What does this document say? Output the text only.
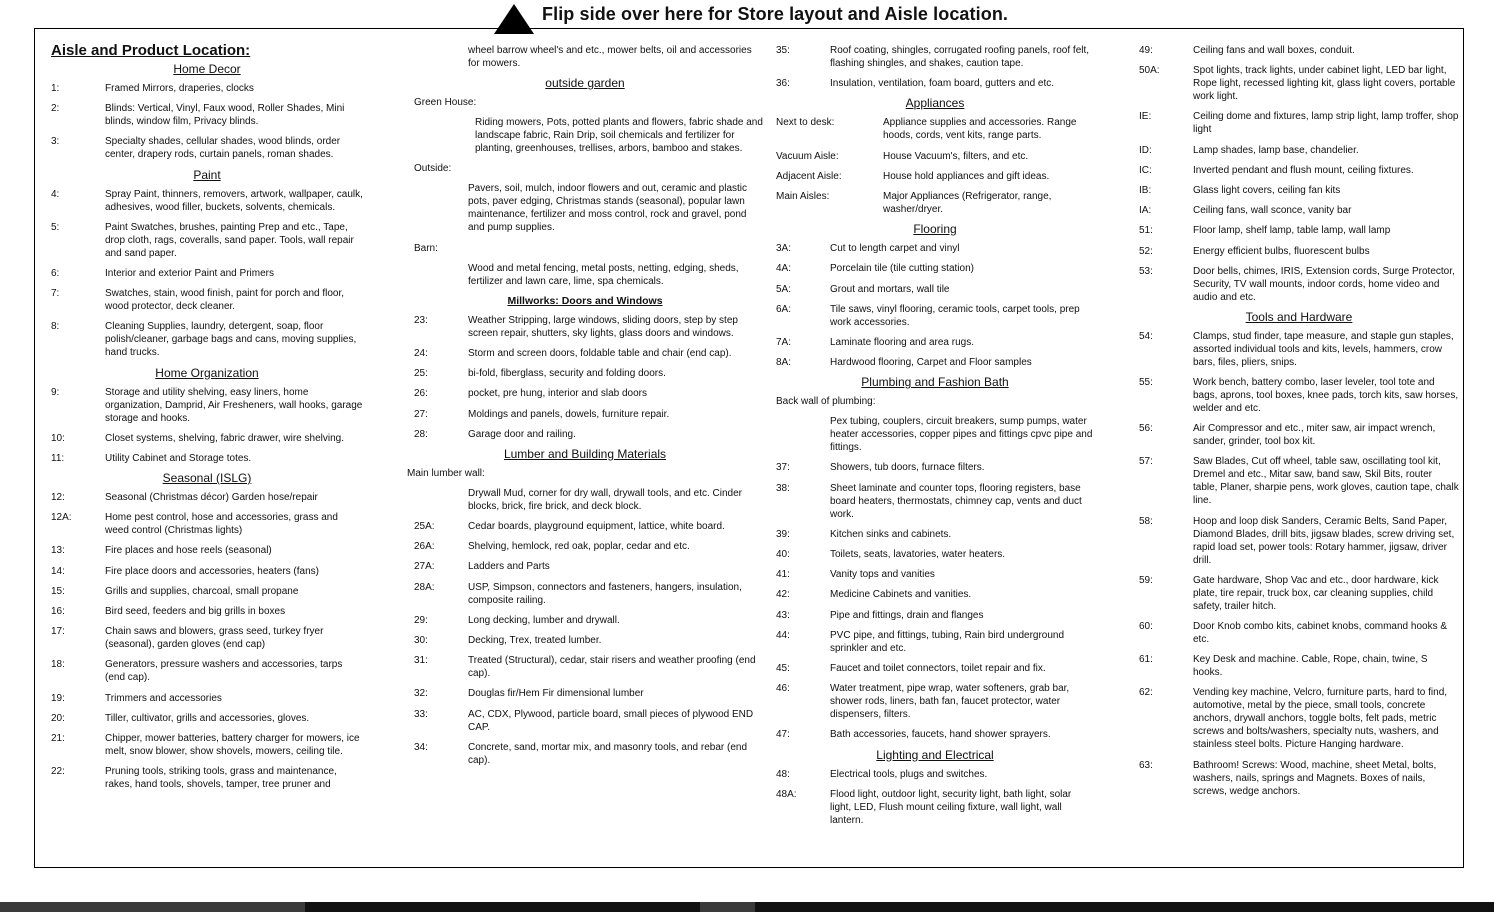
Flip side over here for Store layout and Aisle location.
Aisle and Product Location:
Home Decor
1:	Framed Mirrors, draperies, clocks
2:	Blinds: Vertical, Vinyl, Faux wood, Roller Shades, Mini blinds, window film, Privacy blinds.
3:	Specialty shades, cellular shades, wood blinds, order center, drapery rods, curtain panels, roman shades.
Paint
4:	Spray Paint, thinners, removers, artwork, wallpaper, caulk, adhesives, wood filler, buckets, solvents, chemicals.
5:	Paint Swatches, brushes, painting Prep and etc., Tape, drop cloth, rags, coveralls, sand paper. Tools, wall repair and sand paper.
6:	Interior and exterior Paint and Primers
7:	Swatches, stain, wood finish, paint for porch and floor, wood protector, deck cleaner.
8:	Cleaning Supplies, laundry, detergent, soap, floor polish/cleaner, garbage bags and cans, moving supplies, hand trucks.
Home Organization
9:	Storage and utility shelving, easy liners, home organization, Damprid, Air Fresheners, wall hooks, garage storage and hooks.
10:	Closet systems, shelving, fabric drawer, wire shelving.
11:	Utility Cabinet and Storage totes.
Seasonal (ISLG)
12:	Seasonal (Christmas décor) Garden hose/repair
12A:	Home pest control, hose and accessories, grass and weed control (Christmas lights)
13:	Fire places and hose reels (seasonal)
14:	Fire place doors and accessories, heaters (fans)
15:	Grills and supplies, charcoal, small propane
16:	Bird seed, feeders and big grills in boxes
17:	Chain saws and blowers, grass seed, turkey fryer (seasonal), garden gloves (end cap)
18:	Generators, pressure washers and accessories, tarps (end cap).
19:	Trimmers and accessories
20:	Tiller, cultivator, grills and accessories, gloves.
21:	Chipper, mower batteries, battery charger for mowers, ice melt, snow blower, show shovels, mowers, ceiling tile.
22:	Pruning tools, striking tools, grass and maintenance, rakes, hand tools, shovels, tamper, tree pruner and
wheel barrow wheel's and etc., mower belts, oil and accessories for mowers.
outside garden
Green House:
Riding mowers, Pots, potted plants and flowers, fabric shade and landscape fabric, Rain Drip, soil chemicals and fertilizer for planting, greenhouses, trellises, arbors, bamboo and stakes.
Outside:
Pavers, soil, mulch, indoor flowers and out, ceramic and plastic pots, paver edging, Christmas stands (seasonal), popular lawn maintenance, fertilizer and moss control, rock and gravel, pond and pump supplies.
Barn:
Wood and metal fencing, metal posts, netting, edging, sheds, fertilizer and lawn care, lime, spa chemicals.
Millworks: Doors and Windows
23:	Weather Stripping, large windows, sliding doors, step by step screen repair, shutters, sky lights, glass doors and windows.
24:	Storm and screen doors, foldable table and chair (end cap).
25:	bi-fold, fiberglass, security and folding doors.
26:	pocket, pre hung, interior and slab doors
27:	Moldings and panels, dowels, furniture repair.
28:	Garage door and railing.
Lumber and Building Materials
Main lumber wall:
Drywall Mud, corner for dry wall, drywall tools, and etc. Cinder blocks, brick, fire brick, and deck block.
25A:	Cedar boards, playground equipment, lattice, white board.
26A:	Shelving, hemlock, red oak, poplar, cedar and etc.
27A:	Ladders and Parts
28A:	USP, Simpson, connectors and fasteners, hangers, insulation, composite railing.
29:	Long decking, lumber and drywall.
30:	Decking, Trex, treated lumber.
31:	Treated (Structural), cedar, stair risers and weather proofing (end cap).
32:	Douglas fir/Hem Fir dimensional lumber
33:	AC, CDX, Plywood, particle board, small pieces of plywood END CAP.
34:	Concrete, sand, mortar mix, and masonry tools, and rebar (end cap).
35:	Roof coating, shingles, corrugated roofing panels, roof felt, flashing shingles, and shakes, caution tape.
36:	Insulation, ventilation, foam board, gutters and etc.
Appliances
Next to desk:	Appliance supplies and accessories. Range hoods, cords, vent kits, range parts.
Vacuum Aisle:	House Vacuum's, filters, and etc.
Adjacent Aisle:	House hold appliances and gift ideas.
Main Aisles:	Major Appliances (Refrigerator, range, washer/dryer.
Flooring
3A:	Cut to length carpet and vinyl
4A:	Porcelain tile (tile cutting station)
5A:	Grout and mortars, wall tile
6A:	Tile saws, vinyl flooring, ceramic tools, carpet tools, prep work accessories.
7A:	Laminate flooring and area rugs.
8A:	Hardwood flooring, Carpet and Floor samples
Plumbing and Fashion Bath
Back wall of plumbing:
Pex tubing, couplers, circuit breakers, sump pumps, water heater accessories, copper pipes and fittings cpvc pipe and fittings.
37:	Showers, tub doors, furnace filters.
38:	Sheet laminate and counter tops, flooring registers, base board heaters, thermostats, chimney cap, vents and duct work.
39:	Kitchen sinks and cabinets.
40:	Toilets, seats, lavatories, water heaters.
41:	Vanity tops and vanities
42:	Medicine Cabinets and vanities.
43:	Pipe and fittings, drain and flanges
44:	PVC pipe, and fittings, tubing, Rain bird underground sprinkler and etc.
45:	Faucet and toilet connectors, toilet repair and fix.
46:	Water treatment, pipe wrap, water softeners, grab bar, shower rods, liners, bath fan, faucet protector, water dispensers, filters.
47:	Bath accessories, faucets, hand shower sprayers.
Lighting and Electrical
48:	Electrical tools, plugs and switches.
48A:	Flood light, outdoor light, security light, bath light, solar light, LED, Flush mount ceiling fixture, wall light, wall lantern.
49:	Ceiling fans and wall boxes, conduit.
50A:	Spot lights, track lights, under cabinet light, LED bar light, Rope light, recessed lighting kit, glass light covers, portable work light.
IE:	Ceiling dome and fixtures, lamp strip light, lamp troffer, shop light
ID:	Lamp shades, lamp base, chandelier.
IC:	Inverted pendant and flush mount, ceiling fixtures.
IB:	Glass light covers, ceiling fan kits
IA:	Ceiling fans, wall sconce, vanity bar
51:	Floor lamp, shelf lamp, table lamp, wall lamp
52:	Energy efficient bulbs, fluorescent bulbs
53:	Door bells, chimes, IRIS, Extension cords, Surge Protector, Security, TV wall mounts, indoor cords, home video and audio and etc.
Tools and Hardware
54:	Clamps, stud finder, tape measure, and staple gun staples, assorted individual tools and kits, levels, hammers, crow bars, files, pliers, snips.
55:	Work bench, battery combo, laser leveler, tool tote and bags, aprons, tool boxes, knee pads, torch kits, saw horses, welder and etc.
56:	Air Compressor and etc., miter saw, air impact wrench, sander, grinder, tool box kit.
57:	Saw Blades, Cut off wheel, table saw, oscillating tool kit, Dremel and etc., Mitar saw, band saw, Skil Bits, router table, Planer, sharpie pens, work gloves, caution tape, chalk line.
58:	Hoop and loop disk Sanders, Ceramic Belts, Sand Paper, Diamond Blades, drill bits, jigsaw blades, screw driving set, rapid load set, power tools: Rotary hammer, jigsaw, driver drill.
59:	Gate hardware, Shop Vac and etc., door hardware, kick plate, tire repair, truck box, car cleaning supplies, child safety, trailer hitch.
60:	Door Knob combo kits, cabinet knobs, command hooks & etc.
61:	Key Desk and machine. Cable, Rope, chain, twine, S hooks.
62:	Vending key machine, Velcro, furniture parts, hard to find, automotive, metal by the piece, small tools, concrete anchors, drywall anchors, toggle bolts, felt pads, metric screws and bolts/washers, specialty nuts, washers, and stainless steel bolts. Picture Hanging hardware.
63:	Bathroom! Screws: Wood, machine, sheet Metal, bolts, washers, nails, springs and Magnets. Boxes of nails, screws, wedge anchors.
